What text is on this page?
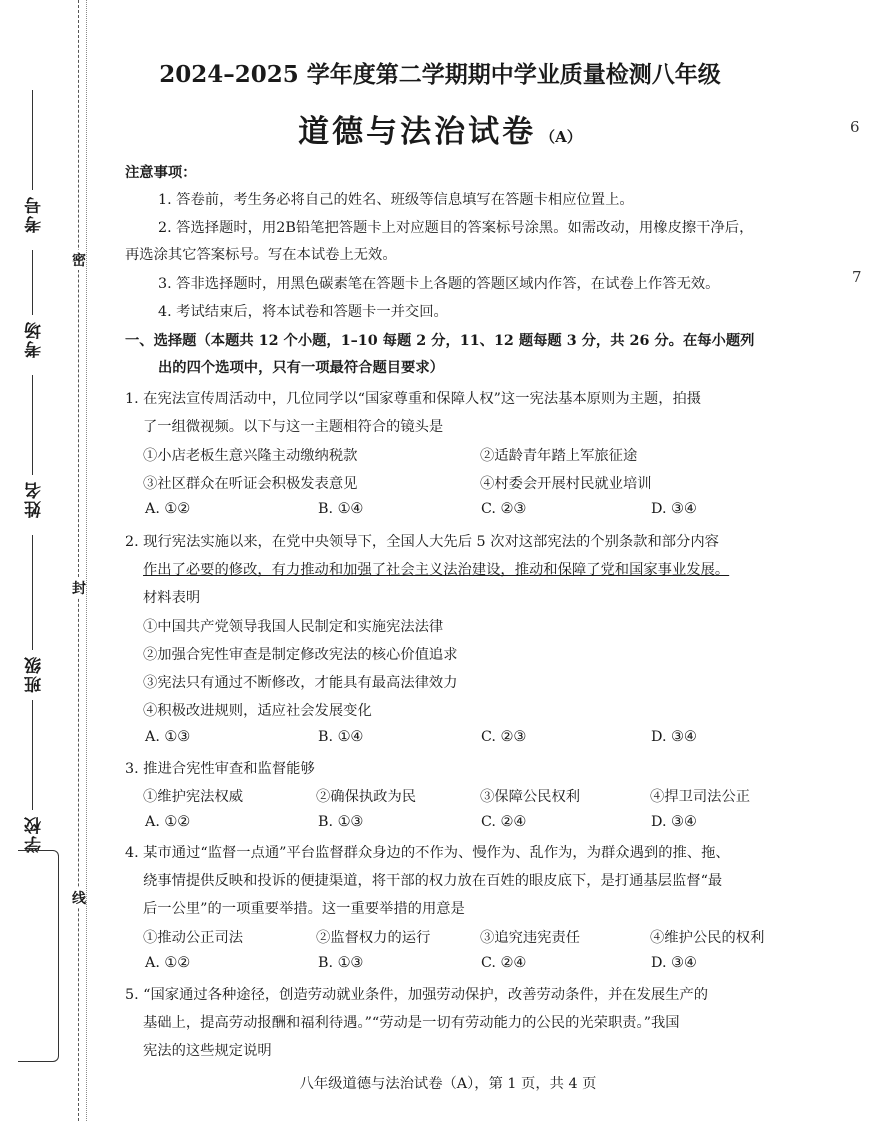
考号
考场
姓名
班级
学校
密
封
线
6
7
2024–2025 学年度第二学期期中学业质量检测八年级
道德与法治试卷 （A）
注意事项：
1. 答卷前，考生务必将自己的姓名、班级等信息填写在答题卡相应位置上。
2. 答选择题时，用2B铅笔把答题卡上对应题目的答案标号涂黑。如需改动，用橡皮擦干净后，
再选涂其它答案标号。写在本试卷上无效。
3. 答非选择题时，用黑色碳素笔在答题卡上各题的答题区域内作答，在试卷上作答无效。
4. 考试结束后，将本试卷和答题卡一并交回。
一、选择题（本题共 12 个小题，1–10 每题 2 分，11、12 题每题 3 分，共 26 分。在每小题列
出的四个选项中，只有一项最符合题目要求）
1. 在宪法宣传周活动中，几位同学以“国家尊重和保障人权”这一宪法基本原则为主题，拍摄
了一组微视频。以下与这一主题相符合的镜头是
①小店老板生意兴隆主动缴纳税款	②适龄青年踏上军旅征途
③社区群众在听证会积极发表意见	④村委会开展村民就业培训
A. ①②	B. ①④	C. ②③	D. ③④
2. 现行宪法实施以来，在党中央领导下，全国人大先后 5 次对这部宪法的个别条款和部分内容
作出了必要的修改，有力推动和加强了社会主义法治建设，推动和保障了党和国家事业发展。
材料表明
①中国共产党领导我国人民制定和实施宪法法律
②加强合宪性审查是制定修改宪法的核心价值追求
③宪法只有通过不断修改，才能具有最高法律效力
④积极改进规则，适应社会发展变化
A. ①③	B. ①④	C. ②③	D. ③④
3. 推进合宪性审查和监督能够
①维护宪法权威	②确保执政为民	③保障公民权利	④捍卫司法公正
A. ①②	B. ①③	C. ②④	D. ③④
4. 某市通过“监督一点通”平台监督群众身边的不作为、慢作为、乱作为，为群众遇到的推、拖、
绕事情提供反映和投诉的便捷渠道，将干部的权力放在百姓的眼皮底下，是打通基层监督“最
后一公里”的一项重要举措。这一重要举措的用意是
①推动公正司法	②监督权力的运行	③追究违宪责任	④维护公民的权利
A. ①②	B. ①③	C. ②④	D. ③④
5. “国家通过各种途径，创造劳动就业条件，加强劳动保护，改善劳动条件，并在发展生产的
基础上，提高劳动报酬和福利待遇。”“劳动是一切有劳动能力的公民的光荣职责。”我国
宪法的这些规定说明
八年级道德与法治试卷（A），第 1 页，共 4 页
